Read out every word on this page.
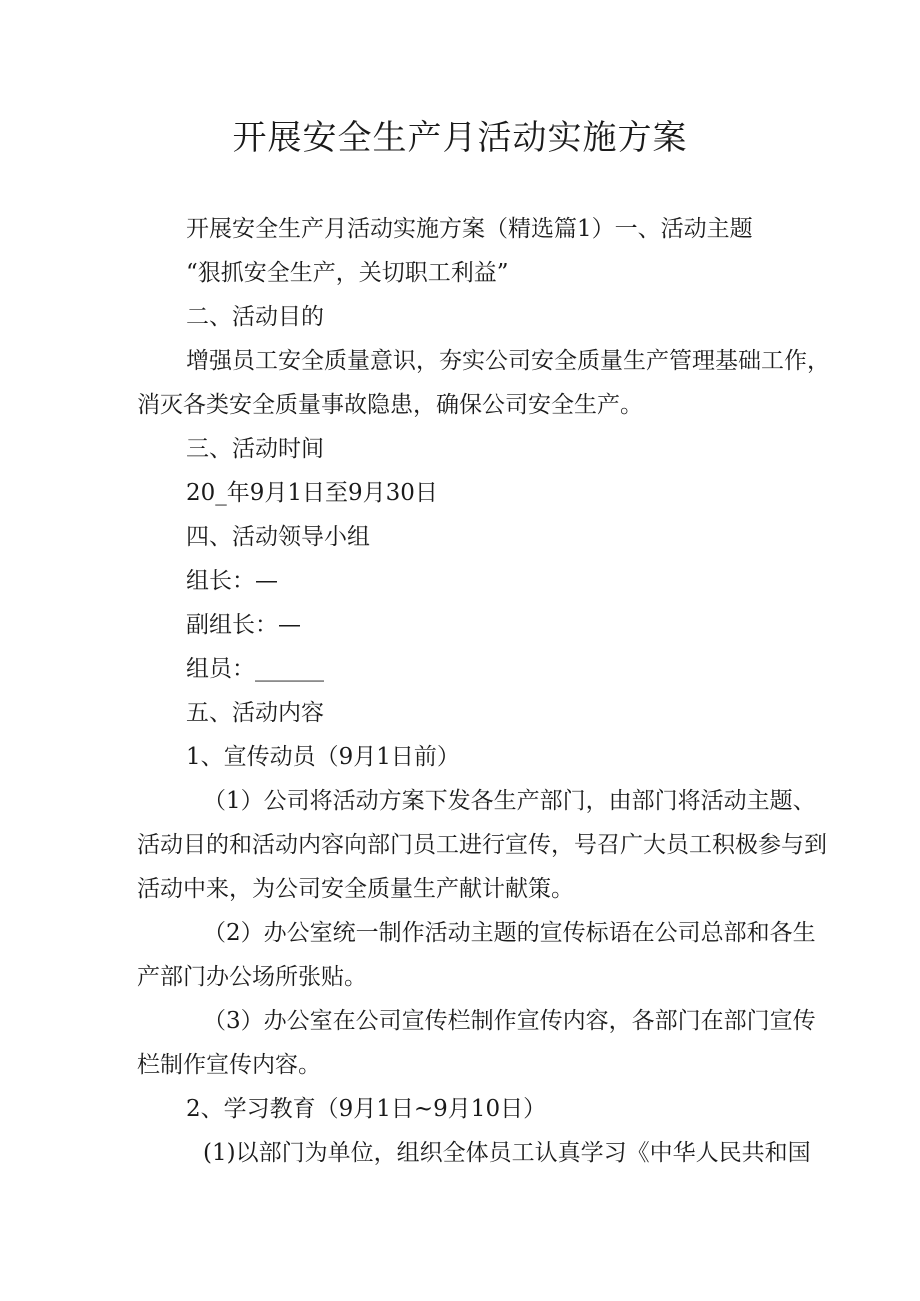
开展安全生产月活动实施方案
开展安全生产月活动实施方案（精选篇1）一、活动主题
“狠抓安全生产，关切职工利益”
二、活动目的
增强员工安全质量意识，夯实公司安全质量生产管理基础工作，
消灭各类安全质量事故隐患，确保公司安全生产。
三、活动时间
20_年9月1日至9月30日
四、活动领导小组
组长：—
副组长：—
组员：______
五、活动内容
1、宣传动员（9月1日前）
（1）公司将活动方案下发各生产部门，由部门将活动主题、
活动目的和活动内容向部门员工进行宣传，号召广大员工积极参与到
活动中来，为公司安全质量生产献计献策。
（2）办公室统一制作活动主题的宣传标语在公司总部和各生
产部门办公场所张贴。
（3）办公室在公司宣传栏制作宣传内容，各部门在部门宣传
栏制作宣传内容。
2、学习教育（9月1日~9月10日）
(1)以部门为单位，组织全体员工认真学习《中华人民共和国
